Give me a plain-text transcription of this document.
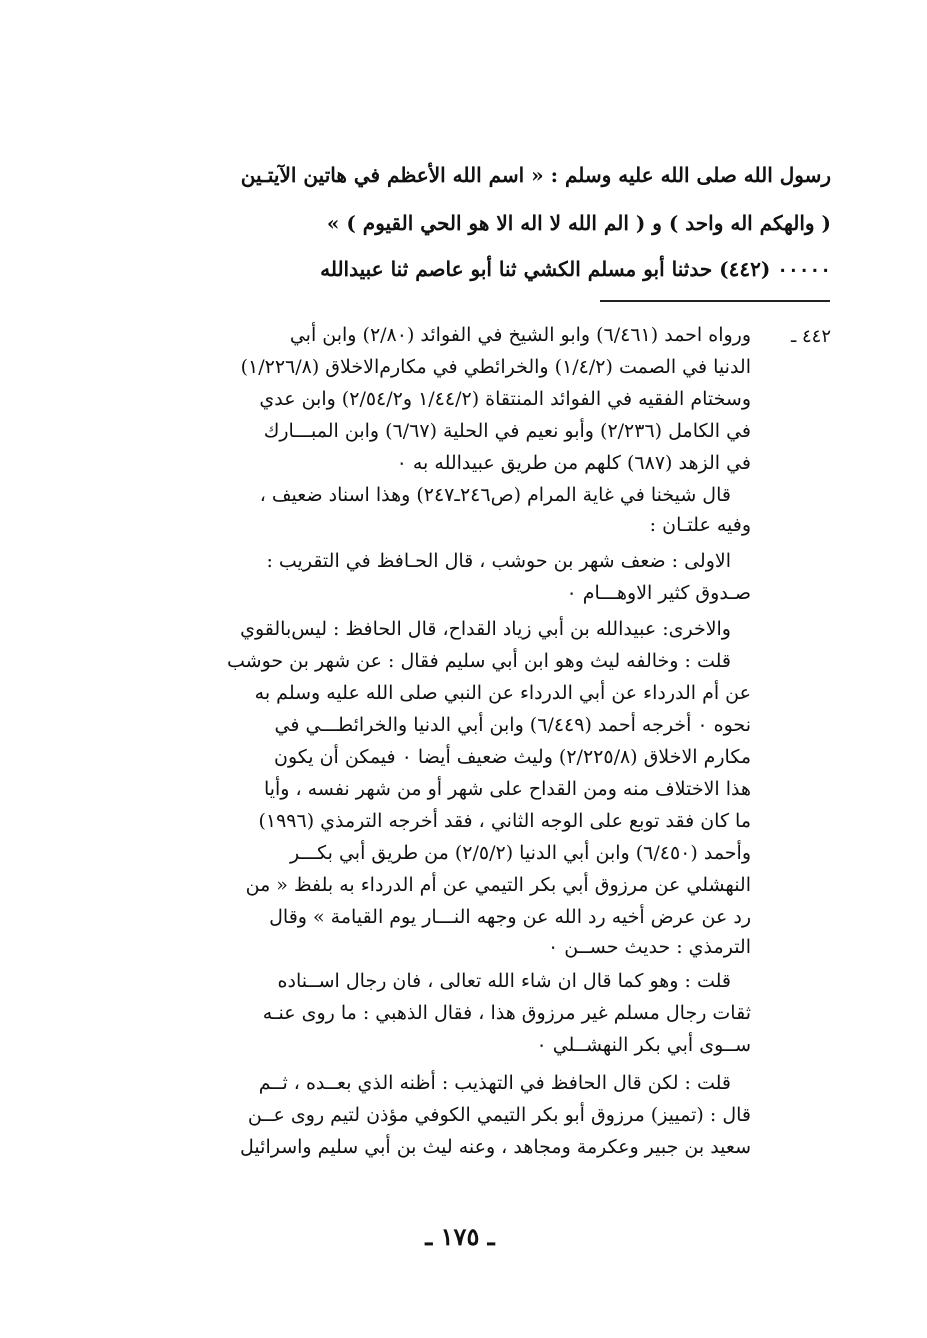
رسول الله صلى الله عليه وسلم : « اسم الله الأعظم في هاتين الآيتـين
( والهكم اله واحد ) و ( الم الله لا اله الا هو الحي القيوم ) »
٠٠٠٠٠ (٤٤٢) حدثنا أبو مسلم الكشي ثنا أبو عاصم ثنا عبيدالله
٤٤٢ ـ
ورواه احمد (٦/٤٦١) وابو الشيخ في الفوائد (٢/٨٠) وابن أبي
الدنيا في الصمت (١/٤/٢) والخرائطي في مكارم‌الاخلاق (١/٢٢٦/٨)
وسختام الفقيه في الفوائد المنتقاة (١/٤٤/٢ و٢/٥٤/٢) وابن عدي
في الكامل (٢/٢٣٦) وأبو نعيم في الحلية (٦/٦٧) وابن المبـــارك
في الزهد (٦٨٧) كلهم من طريق عبيدالله به ٠
قال شيخنا في غاية المرام (ص٢٤٦ـ٢٤٧) وهذا اسناد ضعيف ،
وفيه علتـان :
الاولى : ضعف شهر بن حوشب ، قال الحـافظ في التقريب :
صـدوق كثير الاوهـــام ٠
والاخرى: عبيدالله بن أبي زياد القداح، قال الحافظ : ليس‌بالقوي
قلت : وخالفه ليث وهو ابن أبي سليم فقال : عن شهر بن حوشب
عن أم الدرداء عن أبي الدرداء عن النبي صلى الله عليه وسلم به
نحوه ٠ أخرجه أحمد (٦/٤٤٩) وابن أبي الدنيا والخرائطـــي في
مكارم الاخلاق (٢/٢٢٥/٨) وليث ضعيف أيضا ٠ فيمكن أن يكون
هذا الاختلاف منه ومن القداح على شهر أو من شهر نفسه ، وأيا
ما كان فقد توبع على الوجه الثاني ، فقد أخرجه الترمذي (١٩٩٦)
وأحمد (٦/٤٥٠) وابن أبي الدنيا (٢/٥/٢) من طريق أبي بكـــر
النهشلي عن مرزوق أبي بكر التيمي عن أم الدرداء به بلفظ « من
رد عن عرض أخيه رد الله عن وجهه النـــار يوم القيامة » وقال
الترمذي : حديث حســن ٠
قلت : وهو كما قال ان شاء الله تعالى ، فان رجال اســناده
ثقات رجال مسلم غير مرزوق هذا ، فقال الذهبي : ما روى عنـه
ســوى أبي بكر النهشــلي ٠
قلت : لكن قال الحافظ في التهذيب : أظنه الذي بعــده ، ثــم
قال : (تمييز) مرزوق أبو بكر التيمي الكوفي مؤذن لتيم روى عــن
سعيد بن جبير وعكرمة ومجاهد ، وعنه ليث بن أبي سليم واسرائيل
ـ ١٧٥ ـ
